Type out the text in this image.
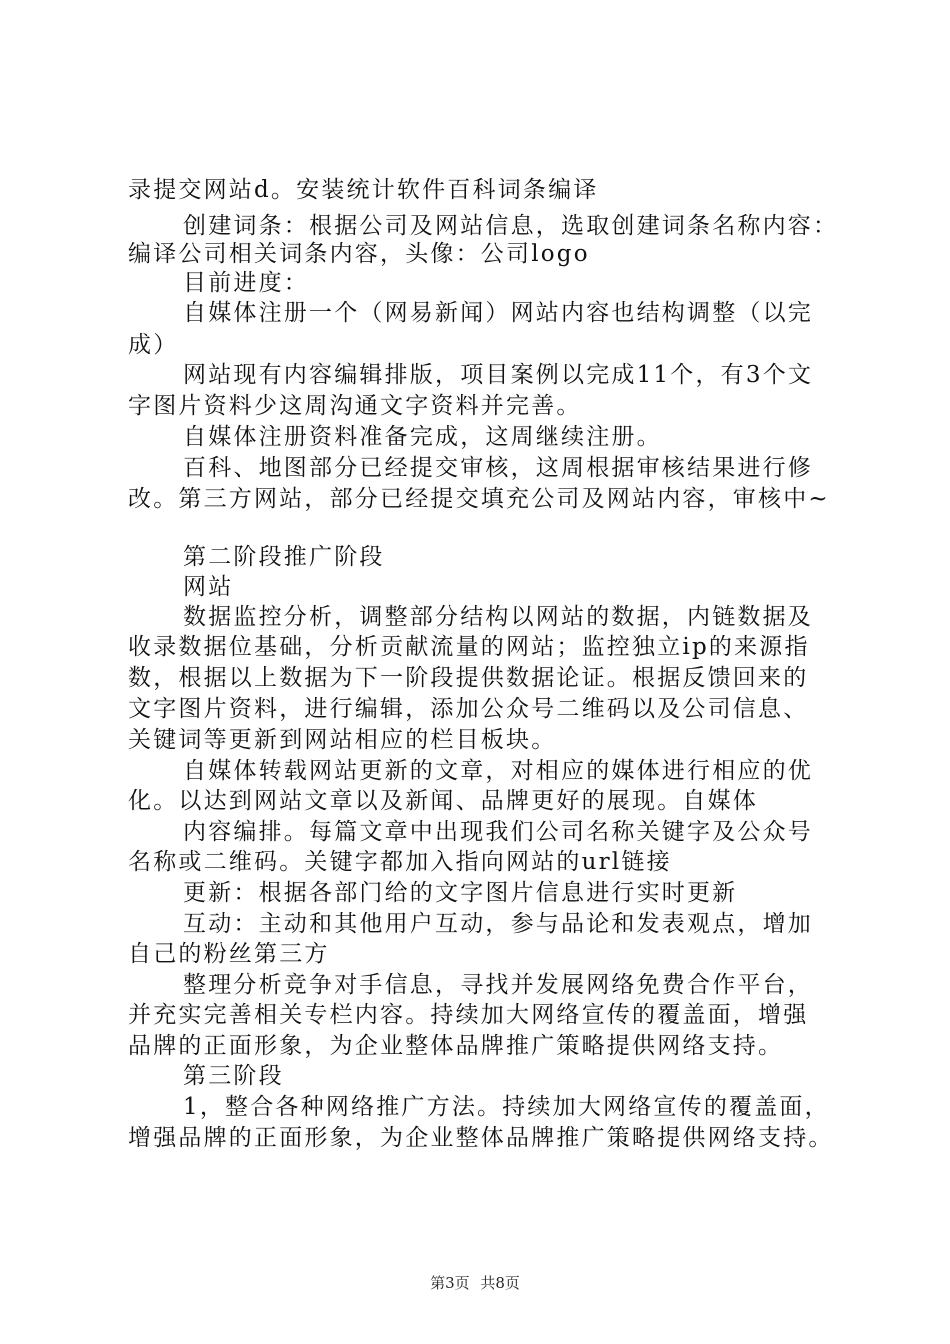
录提交网站d。安装统计软件百科词条编译
创建词条：根据公司及网站信息，选取创建词条名称内容：
编译公司相关词条内容，头像：公司logo
目前进度：
自媒体注册一个（网易新闻）网站内容也结构调整（以完
成）
网站现有内容编辑排版，项目案例以完成11个，有3个文
字图片资料少这周沟通文字资料并完善。
自媒体注册资料准备完成，这周继续注册。
百科、地图部分已经提交审核，这周根据审核结果进行修
改。第三方网站，部分已经提交填充公司及网站内容，审核中~
第二阶段推广阶段
网站
数据监控分析，调整部分结构以网站的数据，内链数据及
收录数据位基础，分析贡献流量的网站；监控独立ip的来源指
数，根据以上数据为下一阶段提供数据论证。根据反馈回来的
文字图片资料，进行编辑，添加公众号二维码以及公司信息、
关键词等更新到网站相应的栏目板块。
自媒体转载网站更新的文章，对相应的媒体进行相应的优
化。以达到网站文章以及新闻、品牌更好的展现。自媒体
内容编排。每篇文章中出现我们公司名称关键字及公众号
名称或二维码。关键字都加入指向网站的url链接
更新：根据各部门给的文字图片信息进行实时更新
互动：主动和其他用户互动，参与品论和发表观点，增加
自己的粉丝第三方
整理分析竞争对手信息，寻找并发展网络免费合作平台，
并充实完善相关专栏内容。持续加大网络宣传的覆盖面，增强
品牌的正面形象，为企业整体品牌推广策略提供网络支持。
第三阶段
1，整合各种网络推广方法。持续加大网络宣传的覆盖面，
增强品牌的正面形象，为企业整体品牌推广策略提供网络支持。
第3页 共8页
